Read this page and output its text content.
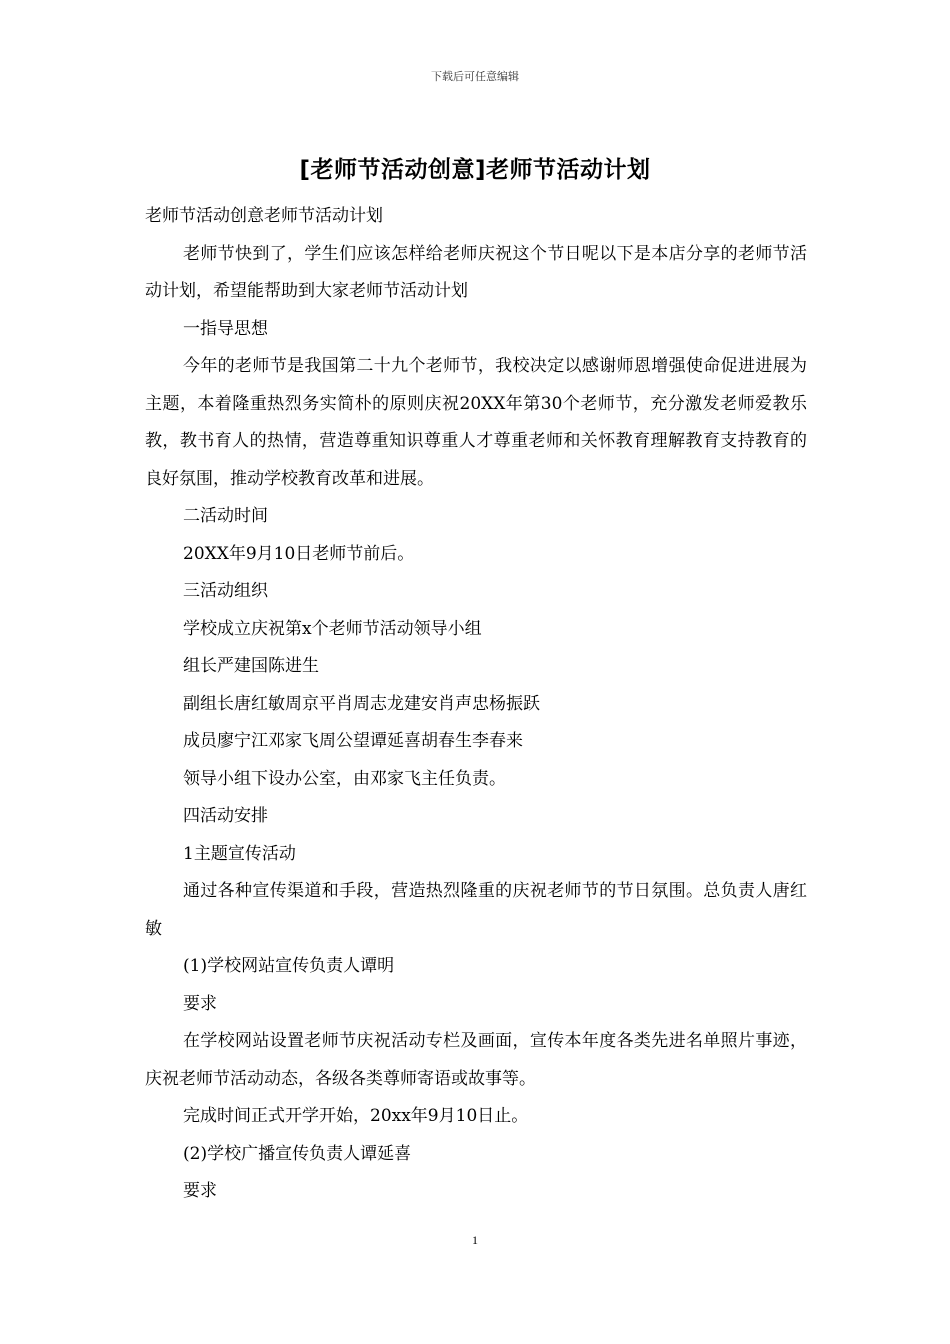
下载后可任意编辑
[老师节活动创意]老师节活动计划

老师节活动创意老师节活动计划

老师节快到了，学生们应该怎样给老师庆祝这个节日呢以下是本店分享的老师节活动计划，希望能帮助到大家老师节活动计划

一指导思想

今年的老师节是我国第二十九个老师节，我校决定以感谢师恩增强使命促进进展为主题，本着隆重热烈务实简朴的原则庆祝20XX年第30个老师节，充分激发老师爱教乐教，教书育人的热情，营造尊重知识尊重人才尊重老师和关怀教育理解教育支持教育的良好氛围，推动学校教育改革和进展。

二活动时间

20XX年9月10日老师节前后。

三活动组织

学校成立庆祝第x个老师节活动领导小组

组长严建国陈进生

副组长唐红敏周京平肖周志龙建安肖声忠杨振跃

成员廖宁江邓家飞周公望谭延喜胡春生李春来

领导小组下设办公室，由邓家飞主任负责。

四活动安排

1主题宣传活动

通过各种宣传渠道和手段，营造热烈隆重的庆祝老师节的节日氛围。总负责人唐红敏

(1)学校网站宣传负责人谭明

要求

在学校网站设置老师节庆祝活动专栏及画面，宣传本年度各类先进名单照片事迹，庆祝老师节活动动态，各级各类尊师寄语或故事等。

完成时间正式开学开始，20xx年9月10日止。

(2)学校广播宣传负责人谭延喜

要求

1
